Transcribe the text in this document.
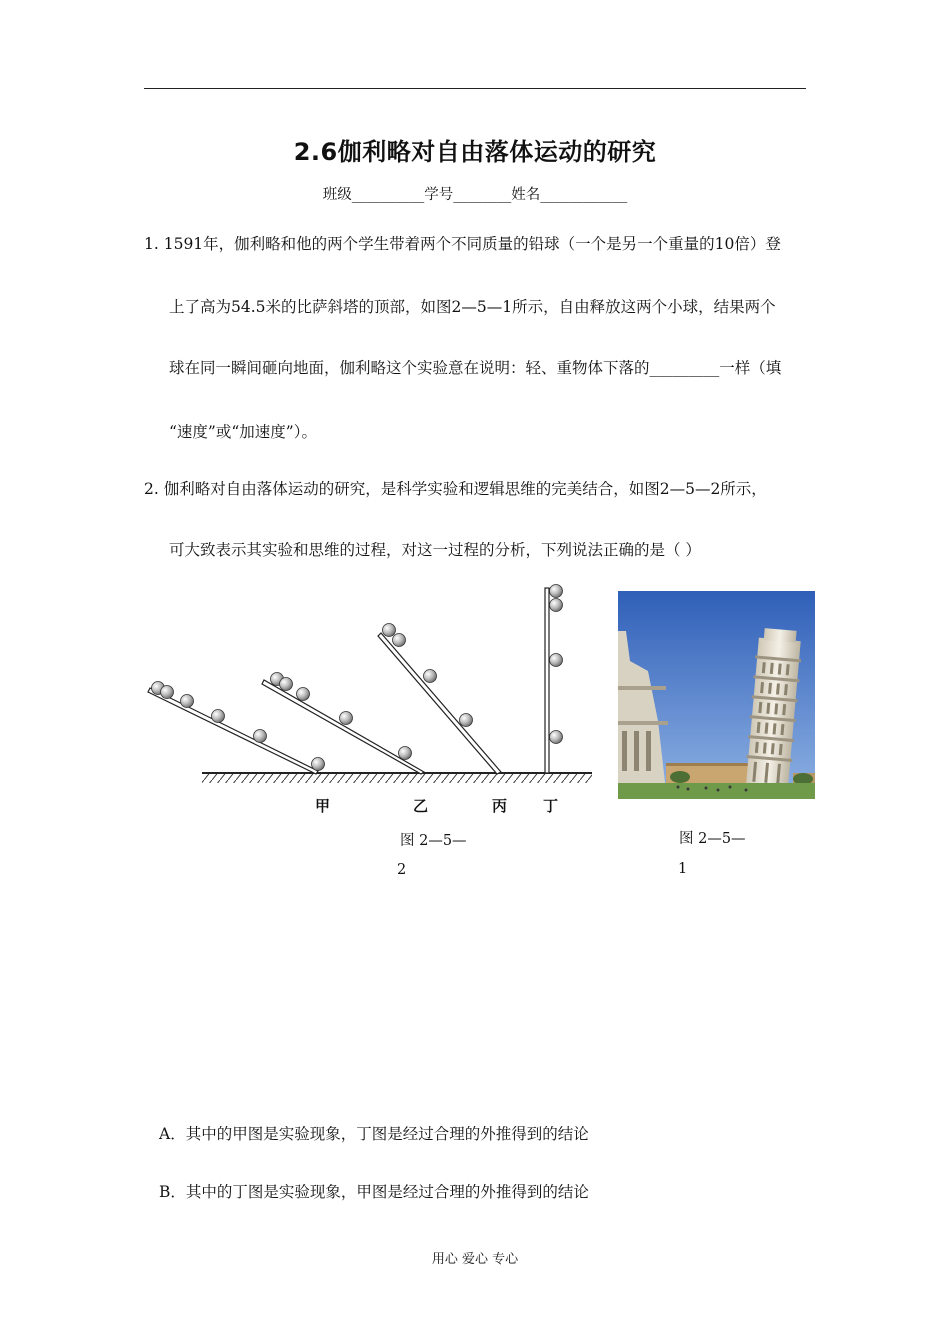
2.6伽利略对自由落体运动的研究
班级__________学号________姓名____________
1. 1591年，伽利略和他的两个学生带着两个不同质量的铅球（一个是另一个重量的10倍）登
上了高为54.5米的比萨斜塔的顶部，如图2—5—1所示，自由释放这两个小球，结果两个
球在同一瞬间砸向地面，伽利略这个实验意在说明：轻、重物体下落的_________一样（填
“速度”或“加速度”）。
2. 伽利略对自由落体运动的研究，是科学实验和逻辑思维的完美结合，如图2—5—2所示，
可大致表示其实验和思维的过程，对这一过程的分析，下列说法正确的是（ ）
甲	乙	丙 丁
图 2—5—
2
图 2—5—
1
A．其中的甲图是实验现象，丁图是经过合理的外推得到的结论
B．其中的丁图是实验现象，甲图是经过合理的外推得到的结论
用心 爱心 专心
